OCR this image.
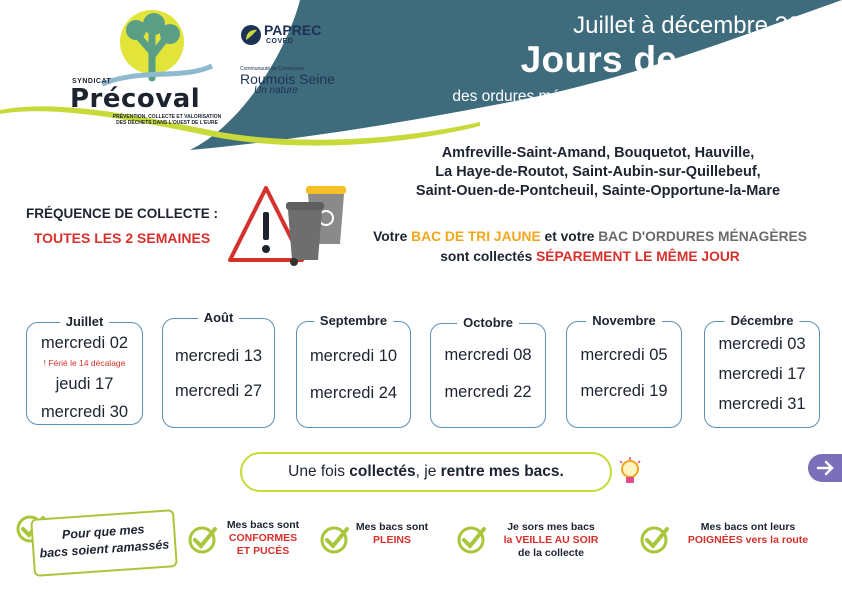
Juillet à décembre 2025
Jours de collecte
des ordures ménagères et des emballages recyclables
SYNDICAT
Précoval
PRÉVENTION, COLLECTE ET VALORISATION DES DÉCHETS DANS L'OUEST DE L'EURE
PAPREC
COVED
Communauté de Communes
Roumois Seine
Un nature
Amfreville-Saint-Amand, Bouquetot, Hauville,
La Haye-de-Routot, Saint-Aubin-sur-Quillebeuf,
Saint-Ouen-de-Pontcheuil, Sainte-Opportune-la-Mare
FRÉQUENCE DE COLLECTE :
TOUTES LES 2 SEMAINES	Votre BAC DE TRI JAUNE et votre BAC D'ORDURES MÉNAGÈRES
sont collectés SÉPAREMENT LE MÊME JOUR
Juillet
mercredi 02
! Férié le 14 décalage
jeudi 17
mercredi 30
Août
mercredi 13
mercredi 27
Septembre
mercredi 10
mercredi 24
Octobre
mercredi 08
mercredi 22
Novembre
mercredi 05
mercredi 19
Décembre
mercredi 03
mercredi 17
mercredi 31
Une fois collectés, je rentre mes bacs.
Pour que mes
bacs soient ramassés
Mes bacs sont
CONFORMES
ET PUCÉS
Mes bacs sont
PLEINS
Je sors mes bacs
la VEILLE AU SOIR
de la collecte
Mes bacs ont leurs
POIGNÉES vers la route
